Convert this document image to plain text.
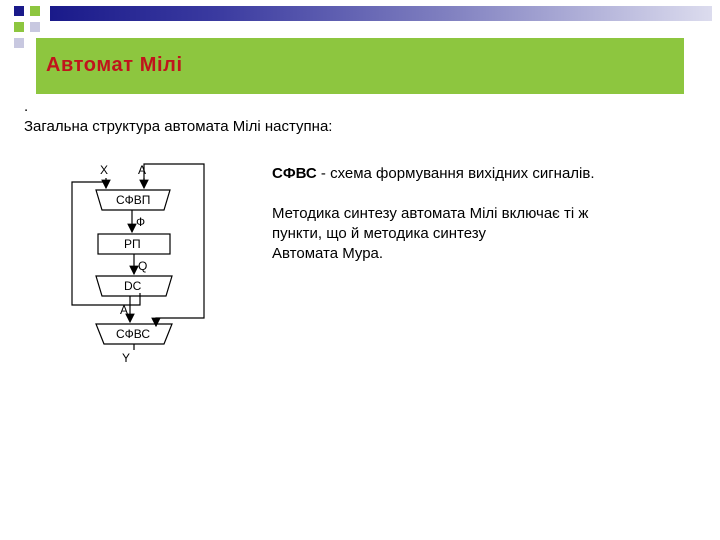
Автомат Мілі
.
Загальна структура автомата Мілі наступна:
X A
СФВП
Ф
РП
Q
DC
A
СФВС
Y

СФВС - схема формування вихідних сигналів.

Методика синтезу автомата Мілі включає ті ж

пункти, що й методика синтезу

Автомата Мура.
